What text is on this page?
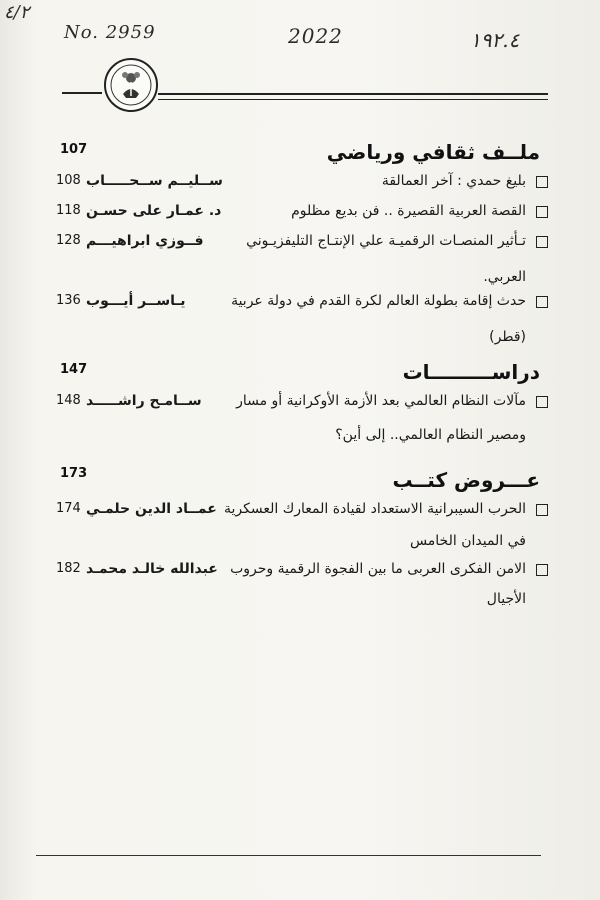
٤/٢
No. 2959	2022	١٩٢.٤
ملــف ثقافي ورياضي
107
بليغ حمدي : آخر العمالقة
ســليــم ســحـــــاب
108
القصة العربية القصيرة .. فن بديع مظلوم
د. عمـار على حسـن
118
تـأثير المنصـات الرقميـة علي الإنتـاج التليفزيـوني
فــوزي ابراهيـــم
128
العربي.
حدث إقامة بطولة العالم لكرة القدم في دولة عربية
يـاســر أيـــوب
136
(قطر)
دراســـــــــات
147
مآلات النظام العالمي بعد الأزمة الأوكرانية أو مسار
ســامـح راشـــــد
148
ومصير النظام العالمي.. إلى أين؟
عـــروض كتــب
173
الحرب السيبرانية الاستعداد لقيادة المعارك العسكرية
عمــاد الدين حلمـي
174
في الميدان الخامس
الامن الفكرى العربى ما بين الفجوة الرقمية وحروب
عبدالله خالـد محمـد
182
الأجيال
